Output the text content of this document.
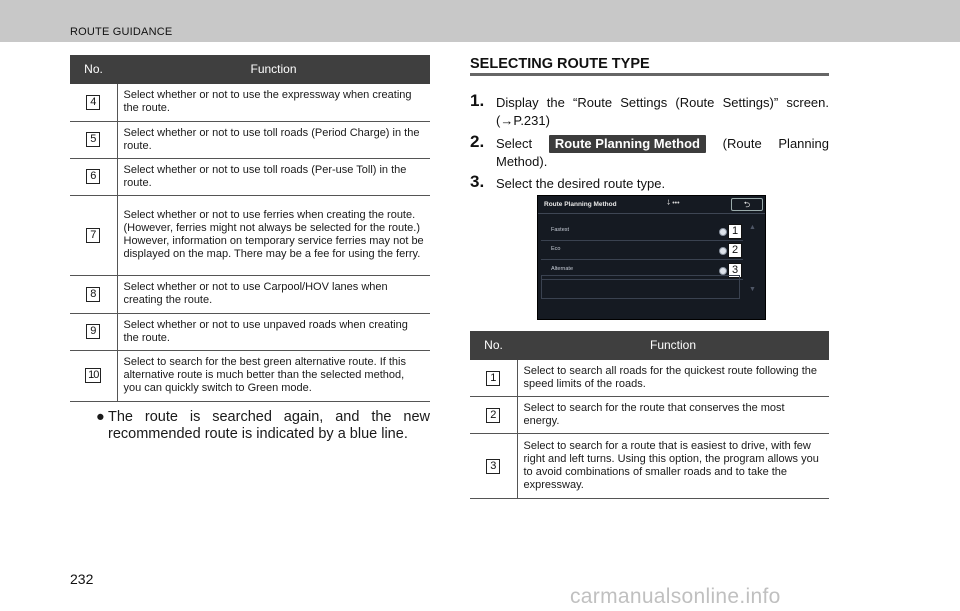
ROUTE GUIDANCE
No.	Function
4	Select whether or not to use the expressway when creating the route.
5	Select whether or not to use toll roads (Period Charge) in the route.
6	Select whether or not to use toll roads (Per-use Toll) in the route.
7	Select whether or not to use ferries when creating the route. (However, ferries might not always be selected for the route.) However, information on temporary service ferries may not be displayed on the map. There may be a fee for using the ferry.
8	Select whether or not to use Carpool/HOV lanes when creating the route.
9	Select whether or not to use unpaved roads when creating the route.
10	Select to search for the best green alternative route. If this alternative route is much better than the selected method, you can quickly switch to Green mode.
● The route is searched again, and the new
recommended route is indicated by a blue line.
SELECTING ROUTE TYPE
1. Display the “Route Settings (Route Settings)” screen.
(→P.231)
2. Select	Route Planning Method	(Route Planning
Method).
3. Select the desired route type.
Route Planning Method	⸸ •••	⮌
Fastest	1
Eco	2
Alternate	3
▲
▼
No.	Function
1	Select to search all roads for the quickest route following the speed limits of the roads.
2	Select to search for the route that conserves the most energy.
3	Select to search for a route that is easiest to drive, with few right and left turns. Using this option, the program allows you to avoid combinations of smaller roads and to take the expressway.
232
carmanualsonline.info
